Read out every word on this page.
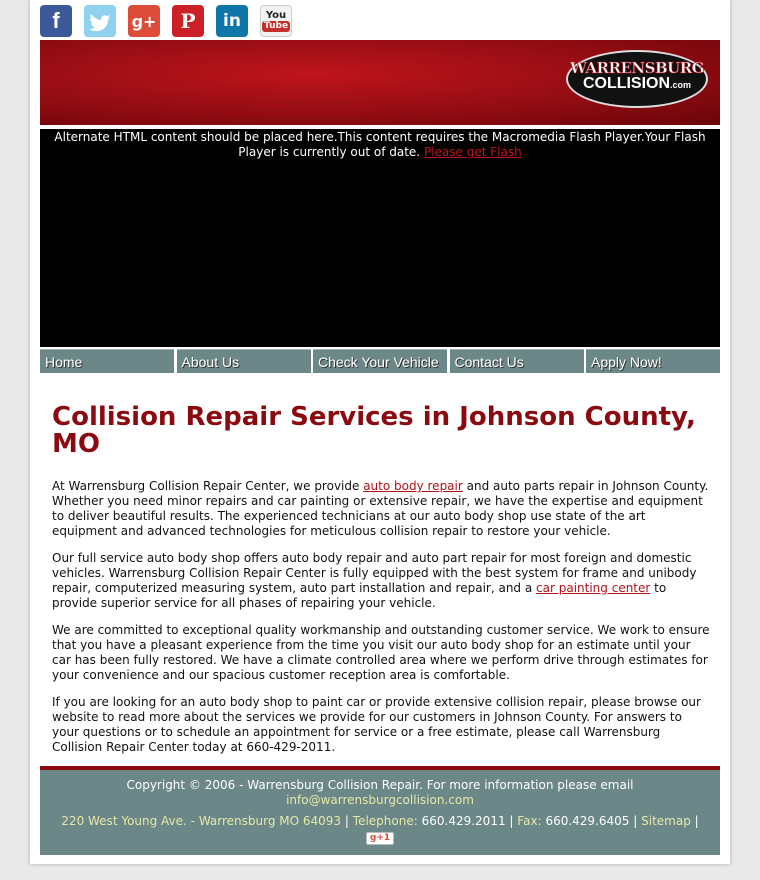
f	g+ P in You
Tube
WARRENSBURG
COLLISION.com
Alternate HTML content should be placed here.This content requires the Macromedia Flash Player.Your Flash Player is currently out of date. Please get Flash
Home	About Us	Check Your Vehicle	Contact Us	Apply Now!
Collision Repair Services in Johnson County, MO

At Warrensburg Collision Repair Center, we provide auto body repair and auto parts repair in Johnson County. Whether you need minor repairs and car painting or extensive repair, we have the expertise and equipment to deliver beautiful results. The experienced technicians at our auto body shop use state of the art equipment and advanced technologies for meticulous collision repair to restore your vehicle.

Our full service auto body shop offers auto body repair and auto part repair for most foreign and domestic vehicles. Warrensburg Collision Repair Center is fully equipped with the best system for frame and unibody repair, computerized measuring system, auto part installation and repair, and a car painting center to provide superior service for all phases of repairing your vehicle.

We are committed to exceptional quality workmanship and outstanding customer service. We work to ensure that you have a pleasant experience from the time you visit our auto body shop for an estimate until your car has been fully restored. We have a climate controlled area where we perform drive through estimates for your convenience and our spacious customer reception area is comfortable.

If you are looking for an auto body shop to paint car or provide extensive collision repair, please browse our website to read more about the services we provide for our customers in Johnson County. For answers to your questions or to schedule an appointment for service or a free estimate, please call Warrensburg Collision Repair Center today at 660-429-2011.

Copyright © 2006 - Warrensburg Collision Repair. For more information please email
info@warrensburgcollision.com
220 West Young Ave. - Warrensburg MO 64093 | Telephone: 660.429.2011 | Fax: 660.429.6405 | Sitemap |
g+1
